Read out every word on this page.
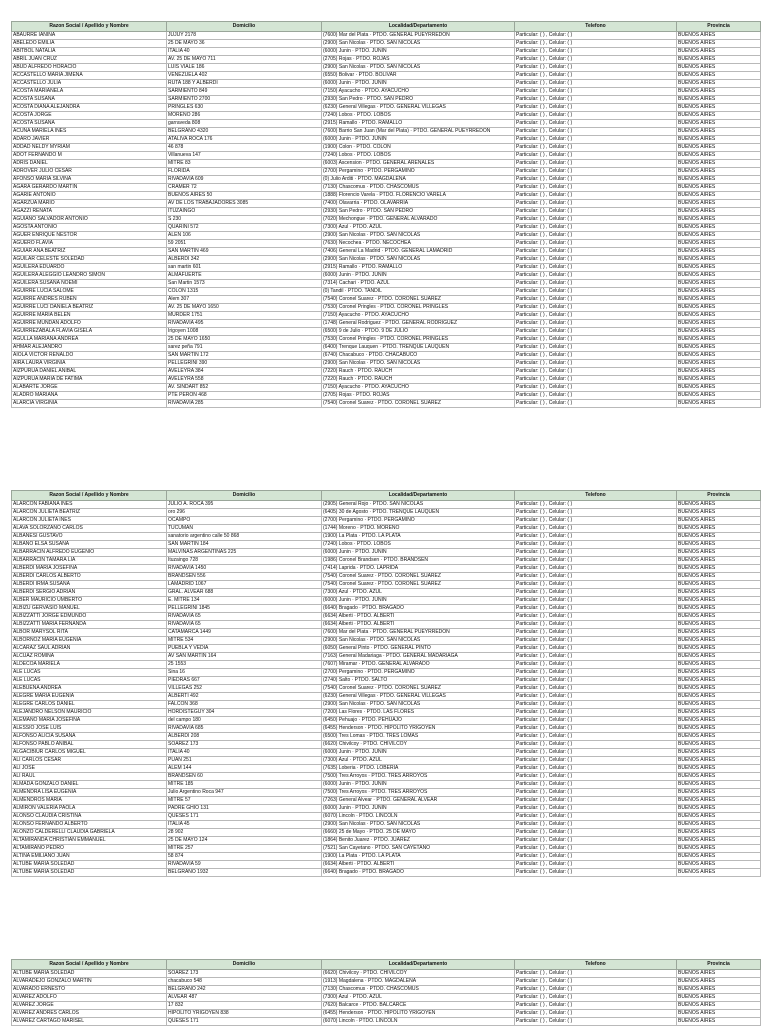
Razon Social / Apellido y Nombre	Domicilio	Localidad/Departamento	Telefono	Provincia
ABAURRE IANINA	JUJUY 2178	(7600) Mar del Plata · PTDO. GENERAL PUEYRREDON	Particular: ( ) , Celular: ( )	BUENOS AIRES
ABELEDO EMILIA	25 DE MAYO 36	(2900) San Nicolas · PTDO. SAN NICOLAS	Particular: ( ) , Celular: ( )	BUENOS AIRES
ABITBOL NATALIA	ITALIA 40	(6000) Junin · PTDO. JUNIN	Particular: ( ) , Celular: ( )	BUENOS AIRES
ABRIL JUAN CRUZ	AV. 25 DE MAYO 711	(2705) Rojas · PTDO. ROJAS	Particular: ( ) , Celular: ( )	BUENOS AIRES
ABUD ALFREDO HORACIO	LUIS VIALE 186	(2900) San Nicolas · PTDO. SAN NICOLAS	Particular: ( ) , Celular: ( )	BUENOS AIRES
ACCASTELLO MARIA JIMENA	VENEZUELA 402	(6550) Bolivar · PTDO. BOLIVAR	Particular: ( ) , Celular: ( )	BUENOS AIRES
ACCASTELLO JULIA	RUTA 188 Y ALBERDI	(6000) Junin · PTDO. JUNIN	Particular: ( ) , Celular: ( )	BUENOS AIRES
ACOSTA MARIANELA	SARMIENTO 849	(7150) Ayacucho · PTDO. AYACUCHO	Particular: ( ) , Celular: ( )	BUENOS AIRES
ACOSTA SUSANA	SARMIENTO 2700	(2930) San Pedro · PTDO. SAN PEDRO	Particular: ( ) , Celular: ( )	BUENOS AIRES
ACOSTA DIANA ALEJANDRA	PRINGLES 630	(6230) General Villegas · PTDO. GENERAL VILLEGAS	Particular: ( ) , Celular: ( )	BUENOS AIRES
ACOSTA JORGE	MORENO 286	(7240) Lobos · PTDO. LOBOS	Particular: ( ) , Celular: ( )	BUENOS AIRES
ACOSTA SUSANA	garraveda 808	(2915) Ramallo · PTDO. RAMALLO	Particular: ( ) , Celular: ( )	BUENOS AIRES
ACUÑA MARIELA INES	BELGRANO 4320	(7600) Barrio San Juan (Mar del Plata) · PTDO. GENERAL PUEYRREDON	Particular: ( ) , Celular: ( )	BUENOS AIRES
ADARO JAVIER	ATALIVA ROCA 176	(6000) Junin · PTDO. JUNIN	Particular: ( ) , Celular: ( )	BUENOS AIRES
ADDAD NELDY MYRIAM	46 878	(1900) Colon · PTDO. COLON	Particular: ( ) , Celular: ( )	BUENOS AIRES
ADOT FERNANDO M	Villanueva 147	(7240) Lobos · PTDO. LOBOS	Particular: ( ) , Celular: ( )	BUENOS AIRES
ADRIS DANIEL	MITRE 83	(6003) Ascension · PTDO. GENERAL ARENALES	Particular: ( ) , Celular: ( )	BUENOS AIRES
ADROVER JULIO CESAR	FLORIDA	(2700) Pergamino · PTDO. PERGAMINO	Particular: ( ) , Celular: ( )	BUENOS AIRES
AFONSO MARIA SILVINA	RIVADAVIA 609	(0) Julio Arditi · PTDO. MAGDALENA	Particular: ( ) , Celular: ( )	BUENOS AIRES
AGARA GERARDO MARTIN	CRAMER 72	(7130) Chascomus · PTDO. CHASCOMUS	Particular: ( ) , Celular: ( )	BUENOS AIRES
AGARIE ANTONIO	BUENOS AIRES 50	(1888) Florencio Varela · PTDO. FLORENCIO VARELA	Particular: ( ) , Celular: ( )	BUENOS AIRES
AGARZUA MARIO	AV DE LOS TRABAJADORES 3085	(7400) Olavarria · PTDO. OLAVARRIA	Particular: ( ) , Celular: ( )	BUENOS AIRES
AGAZZI RENATA	ITUZAINGO	(2930) San Pedro · PTDO. SAN PEDRO	Particular: ( ) , Celular: ( )	BUENOS AIRES
AGUIANO SALVADOR ANTONIO	S 230	(7020) Mechongue · PTDO. GENERAL ALVARADO	Particular: ( ) , Celular: ( )	BUENOS AIRES
AGOSTA ANTONIO	QUARINI 572	(7300) Azul · PTDO. AZUL	Particular: ( ) , Celular: ( )	BUENOS AIRES
AGUER ENRIQUE NESTOR	ALEN 106	(2900) San Nicolas · PTDO. SAN NICOLAS	Particular: ( ) , Celular: ( )	BUENOS AIRES
AGUERO FLAVIA	59 2051	(7630) Necochea · PTDO. NECOCHEA	Particular: ( ) , Celular: ( )	BUENOS AIRES
AGUIAR ANA BEATRIZ	SAN MARTIN 469	(7406) General La Madrid · PTDO. GENERAL LAMADRID	Particular: ( ) , Celular: ( )	BUENOS AIRES
AGUILAR CELESTE SOLEDAD	ALBERDI 342	(2900) San Nicolas · PTDO. SAN NICOLAS	Particular: ( ) , Celular: ( )	BUENOS AIRES
AGUILERA EDUARDO	san martin 601	(2915) Ramallo · PTDO. RAMALLO	Particular: ( ) , Celular: ( )	BUENOS AIRES
AGUILERA ALEGGIO LEANDRO SIMON	ALMAFUERTE	(6000) Junin · PTDO. JUNIN	Particular: ( ) , Celular: ( )	BUENOS AIRES
AGUILERA SUSANA NOEMI	San Martin 1573	(7314) Cachari · PTDO. AZUL	Particular: ( ) , Celular: ( )	BUENOS AIRES
AGUIRRE LUCIA SALOME	COLON 1315	(0) Tandil · PTDO. TANDIL	Particular: ( ) , Celular: ( )	BUENOS AIRES
AGUIRRE ANDRES RUBEN	Alem 307	(7540) Coronel Suarez · PTDO. CORONEL SUAREZ	Particular: ( ) , Celular: ( )	BUENOS AIRES
AGUIRRE LUCI DANIELA BEATRIZ	AV. 25 DE MAYO 1650	(7530) Coronel Pringles · PTDO. CORONEL PRINGLES	Particular: ( ) , Celular: ( )	BUENOS AIRES
AGUIRRE MARIA BELEN	MURDER 1751	(7150) Ayacucho · PTDO. AYACUCHO	Particular: ( ) , Celular: ( )	BUENOS AIRES
AGUIRRE MUNDAN ADOLFO	RIVADAVIA 495	(1748) General Rodriguez · PTDO. GENERAL RODRIGUEZ	Particular: ( ) , Celular: ( )	BUENOS AIRES
AGUIRREZABALA FLAVIA GISELA	Irigoyen 1008	(6500) 9 de Julio · PTDO. 9 DE JULIO	Particular: ( ) , Celular: ( )	BUENOS AIRES
AGULLA MARIANA ANDREA	25 DE MAYO 1650	(7530) Coronel Pringles · PTDO. CORONEL PRINGLES	Particular: ( ) , Celular: ( )	BUENOS AIRES
AHMAR ALEJANDRO	sarez peña 791	(6400) Trenque Lauquen · PTDO. TRENQUE LAUQUEN	Particular: ( ) , Celular: ( )	BUENOS AIRES
AIOLA VICTOR RENALDO	SAN MARTIN 172	(6740) Chacabuco · PTDO. CHACABUCO	Particular: ( ) , Celular: ( )	BUENOS AIRES
AIRA LAURA VIRGINIA	PELLEGRINI 390	(2900) San Nicolas · PTDO. SAN NICOLAS	Particular: ( ) , Celular: ( )	BUENOS AIRES
AIZPURUA DANIEL ANIBAL	AVELEYRA 384	(7220) Rauch · PTDO. RAUCH	Particular: ( ) , Celular: ( )	BUENOS AIRES
AIZPURUA MARIA DE FATIMA	AVELEYRA 558	(7220) Rauch · PTDO. RAUCH	Particular: ( ) , Celular: ( )	BUENOS AIRES
ALABARTE JORGE	AV. SINDART 852	(7150) Ayacucho · PTDO. AYACUCHO	Particular: ( ) , Celular: ( )	BUENOS AIRES
ALADRO MARIANA	PTE PERON 468	(2705) Rojas · PTDO. ROJAS	Particular: ( ) , Celular: ( )	BUENOS AIRES
ALARCIA VIRGINIA	RIVADAVIA 285	(7540) Coronel Suarez · PTDO. CORONEL SUAREZ	Particular: ( ) , Celular: ( )	BUENOS AIRES
Razon Social / Apellido y Nombre	Domicilio	Localidad/Departamento	Telefono	Provincia
ALARCON FABIANA INES	JULIO A. ROCA 395	(2905) General Rojo · PTDO. SAN NICOLAS	Particular: ( ) , Celular: ( )	BUENOS AIRES
ALARCON JULIETA BEATRIZ	oro 296	(6405) 30 de Agosto · PTDO. TRENQUE LAUQUEN	Particular: ( ) , Celular: ( )	BUENOS AIRES
ALARCON JULIETA INES	OCAMPO	(2700) Pergamino · PTDO. PERGAMINO	Particular: ( ) , Celular: ( )	BUENOS AIRES
ALAVA SOLORZANO CARLOS	TUCUMAN	(1744) Moreno · PTDO. MORENO	Particular: ( ) , Celular: ( )	BUENOS AIRES
ALBANESI GUSTAVO	sanatorio argentino calle 50 868	(1900) La Plata · PTDO. LA PLATA	Particular: ( ) , Celular: ( )	BUENOS AIRES
ALBANO ELSA SUSANA	SAN MARTIN 184	(7240) Lobos · PTDO. LOBOS	Particular: ( ) , Celular: ( )	BUENOS AIRES
ALBARRACIN ALFREDO EUGENIO	MALVINAS ARGENTINAS 225	(6000) Junin · PTDO. JUNIN	Particular: ( ) , Celular: ( )	BUENOS AIRES
ALBARRACIN TAMARA LIA	Ituzaingo 728	(1986) Coronel Brandsen · PTDO. BRANDSEN	Particular: ( ) , Celular: ( )	BUENOS AIRES
ALBERDI MARIA JOSEFINA	RIVADAVIA 1450	(7414) Laprida · PTDO. LAPRIDA	Particular: ( ) , Celular: ( )	BUENOS AIRES
ALBERDI CARLOS ALBERTO	BRANDSEN 556	(7540) Coronel Suarez · PTDO. CORONEL SUAREZ	Particular: ( ) , Celular: ( )	BUENOS AIRES
ALBERDI IRMA SUSANA	LAMADRID 1067	(7540) Coronel Suarez · PTDO. CORONEL SUAREZ	Particular: ( ) , Celular: ( )	BUENOS AIRES
ALBERDI SERGIO ADRIAN	GRAL. ALVEAR 688	(7300) Azul · PTDO. AZUL	Particular: ( ) , Celular: ( )	BUENOS AIRES
ALBER MAURICIO UMBERTO	E. MITRE 134	(6000) Junin · PTDO. JUNIN	Particular: ( ) , Celular: ( )	BUENOS AIRES
ALBIZU GERVASIO MANUEL	PELLEGRINI 1845	(6640) Bragado · PTDO. BRAGADO	Particular: ( ) , Celular: ( )	BUENOS AIRES
ALBIZZATTI JORGE EDMUNDO	RIVADAVIA 65	(6634) Alberti · PTDO. ALBERTI	Particular: ( ) , Celular: ( )	BUENOS AIRES
ALBIZZATTI MARIA FERNANDA	RIVADAVIA 65	(6634) Alberti · PTDO. ALBERTI	Particular: ( ) , Celular: ( )	BUENOS AIRES
ALBOR MARYSOL RITA	CATAMARCA 1449	(7600) Mar del Plata · PTDO. GENERAL PUEYRREDON	Particular: ( ) , Celular: ( )	BUENOS AIRES
ALBORNOZ MARIA EUGENIA	MITRE 534	(2900) San Nicolas · PTDO. SAN NICOLAS	Particular: ( ) , Celular: ( )	BUENOS AIRES
ALCARAZ SAUL ADRIAN	PUEBLA Y VEDIA	(6050) General Pinto · PTDO. GENERAL PINTO	Particular: ( ) , Celular: ( )	BUENOS AIRES
ALCUAZ ROMINA	AV SAN MARTIN 164	(7163) General Madariaga · PTDO. GENERAL MADARIAGA	Particular: ( ) , Celular: ( )	BUENOS AIRES
ALDECOA MARIELA	25 1553	(7607) Miramar · PTDO. GENERAL ALVARADO	Particular: ( ) , Celular: ( )	BUENOS AIRES
ALE LUCAS	Sina 16	(2700) Pergamino · PTDO. PERGAMINO	Particular: ( ) , Celular: ( )	BUENOS AIRES
ALE LUCAS	PIEDRAS 667	(2740) Salto · PTDO. SALTO	Particular: ( ) , Celular: ( )	BUENOS AIRES
ALEBUENA ANDREA	VILLEGAS 252	(7540) Coronel Suarez · PTDO. CORONEL SUAREZ	Particular: ( ) , Celular: ( )	BUENOS AIRES
ALEGRE MARIA EUGENIA	ALBERTI 492	(6230) General Villegas · PTDO. GENERAL VILLEGAS	Particular: ( ) , Celular: ( )	BUENOS AIRES
ALEGRE CARLOS DANIEL	FALCON 368	(2900) San Nicolas · PTDO. SAN NICOLAS	Particular: ( ) , Celular: ( )	BUENOS AIRES
ALEJANDRO NELSON MAURICIO	HORDISTEGUY 304	(7200) Las Flores · PTDO. LAS FLORES	Particular: ( ) , Celular: ( )	BUENOS AIRES
ALEMANO MARIA JOSEFINA	del campo 180	(6450) Pehuajo · PTDO. PEHUAJO	Particular: ( ) , Celular: ( )	BUENOS AIRES
ALESSIO JOSE LUIS	RIVADAVIA 685	(6455) Henderson · PTDO. HIPOLITO YRIGOYEN	Particular: ( ) , Celular: ( )	BUENOS AIRES
ALFONSO ALICIA SUSANA	ALBERDI 208	(6500) Tres Lomas · PTDO. TRES LOMAS	Particular: ( ) , Celular: ( )	BUENOS AIRES
ALFONSO PABLO ANIBAL	SOAREZ 173	(6620) Chivilcoy · PTDO. CHIVILCOY	Particular: ( ) , Celular: ( )	BUENOS AIRES
ALGACIBIUR CARLOS MIGUEL	ITALIA 40	(6000) Junin · PTDO. JUNIN	Particular: ( ) , Celular: ( )	BUENOS AIRES
ALI CARLOS CESAR	PUAN 251	(7300) Azul · PTDO. AZUL	Particular: ( ) , Celular: ( )	BUENOS AIRES
ALI JOSE	ALEM 144	(7635) Loberia · PTDO. LOBERIA	Particular: ( ) , Celular: ( )	BUENOS AIRES
ALI RAUL	BRANDSEN 60	(7500) Tres Arroyos · PTDO. TRES ARROYOS	Particular: ( ) , Celular: ( )	BUENOS AIRES
ALMADA GONZALO DANIEL	MITRE 185	(6000) Junin · PTDO. JUNIN	Particular: ( ) , Celular: ( )	BUENOS AIRES
ALMENDRA LISA EUGENIA	Julio Argentino Roca 947	(7500) Tres Arroyos · PTDO. TRES ARROYOS	Particular: ( ) , Celular: ( )	BUENOS AIRES
ALMENDROS MARIA	MITRE 57	(7263) General Alvear · PTDO. GENERAL ALVEAR	Particular: ( ) , Celular: ( )	BUENOS AIRES
ALMIRON VALERIA PAOLA	PADRE GHIO 131	(6000) Junin · PTDO. JUNIN	Particular: ( ) , Celular: ( )	BUENOS AIRES
ALONSO CLAUDIA CRISTINA	QUESES 171	(6070) Lincoln · PTDO. LINCOLN	Particular: ( ) , Celular: ( )	BUENOS AIRES
ALONSO FERNANDO ALBERTO	ITALIA 45	(2900) San Nicolas · PTDO. SAN NICOLAS	Particular: ( ) , Celular: ( )	BUENOS AIRES
ALONZO CALDERELLI CLAUDIA GABRIELA	28 902	(6660) 25 de Mayo · PTDO. 25 DE MAYO	Particular: ( ) , Celular: ( )	BUENOS AIRES
ALTAMIRANDA CHRISTIAN EMMANUEL	25 DE MAYO 124	(1864) Benito Juarez · PTDO. JUAREZ	Particular: ( ) , Celular: ( )	BUENOS AIRES
ALTAMIRANO PEDRO	MITRE 257	(7521) San Cayetano · PTDO. SAN CAYETANO	Particular: ( ) , Celular: ( )	BUENOS AIRES
ALTINA EMILIANO JUAN	58 874	(1900) La Plata · PTDO. LA PLATA	Particular: ( ) , Celular: ( )	BUENOS AIRES
ALTUBE MARIA SOLEDAD	RIVADAVIA 59	(6634) Alberti · PTDO. ALBERTI	Particular: ( ) , Celular: ( )	BUENOS AIRES
ALTUBE MARIA SOLEDAD	BELGRANO 1932	(6640) Bragado · PTDO. BRAGADO	Particular: ( ) , Celular: ( )	BUENOS AIRES
Razon Social / Apellido y Nombre	Domicilio	Localidad/Departamento	Telefono	Provincia
ALTUBE MARIA SOLEDAD	SOAREZ 173	(6620) Chivilcoy · PTDO. CHIVILCOY	Particular: ( ) , Celular: ( )	BUENOS AIRES
ALVARADEJO GONZALO MARTIN	chacabuco 548	(1913) Magdalena · PTDO. MAGDALENA	Particular: ( ) , Celular: ( )	BUENOS AIRES
ALVARADO ERNESTO	BELGRANO 242	(7130) Chascomus · PTDO. CHASCOMUS	Particular: ( ) , Celular: ( )	BUENOS AIRES
ALVAREZ ADOLFO	ALVEAR 487	(7300) Azul · PTDO. AZUL	Particular: ( ) , Celular: ( )	BUENOS AIRES
ALVAREZ JORGE	17 832	(7620) Balcarce · PTDO. BALCARCE	Particular: ( ) , Celular: ( )	BUENOS AIRES
ALVAREZ ANDRES CARLOS	HIPOLITO YRIGOYEN 838	(6455) Henderson · PTDO. HIPOLITO YRIGOYEN	Particular: ( ) , Celular: ( )	BUENOS AIRES
ALVAREZ CARTAGO MARISEL	QUESES 171	(6070) Lincoln · PTDO. LINCOLN	Particular: ( ) , Celular: ( )	BUENOS AIRES
